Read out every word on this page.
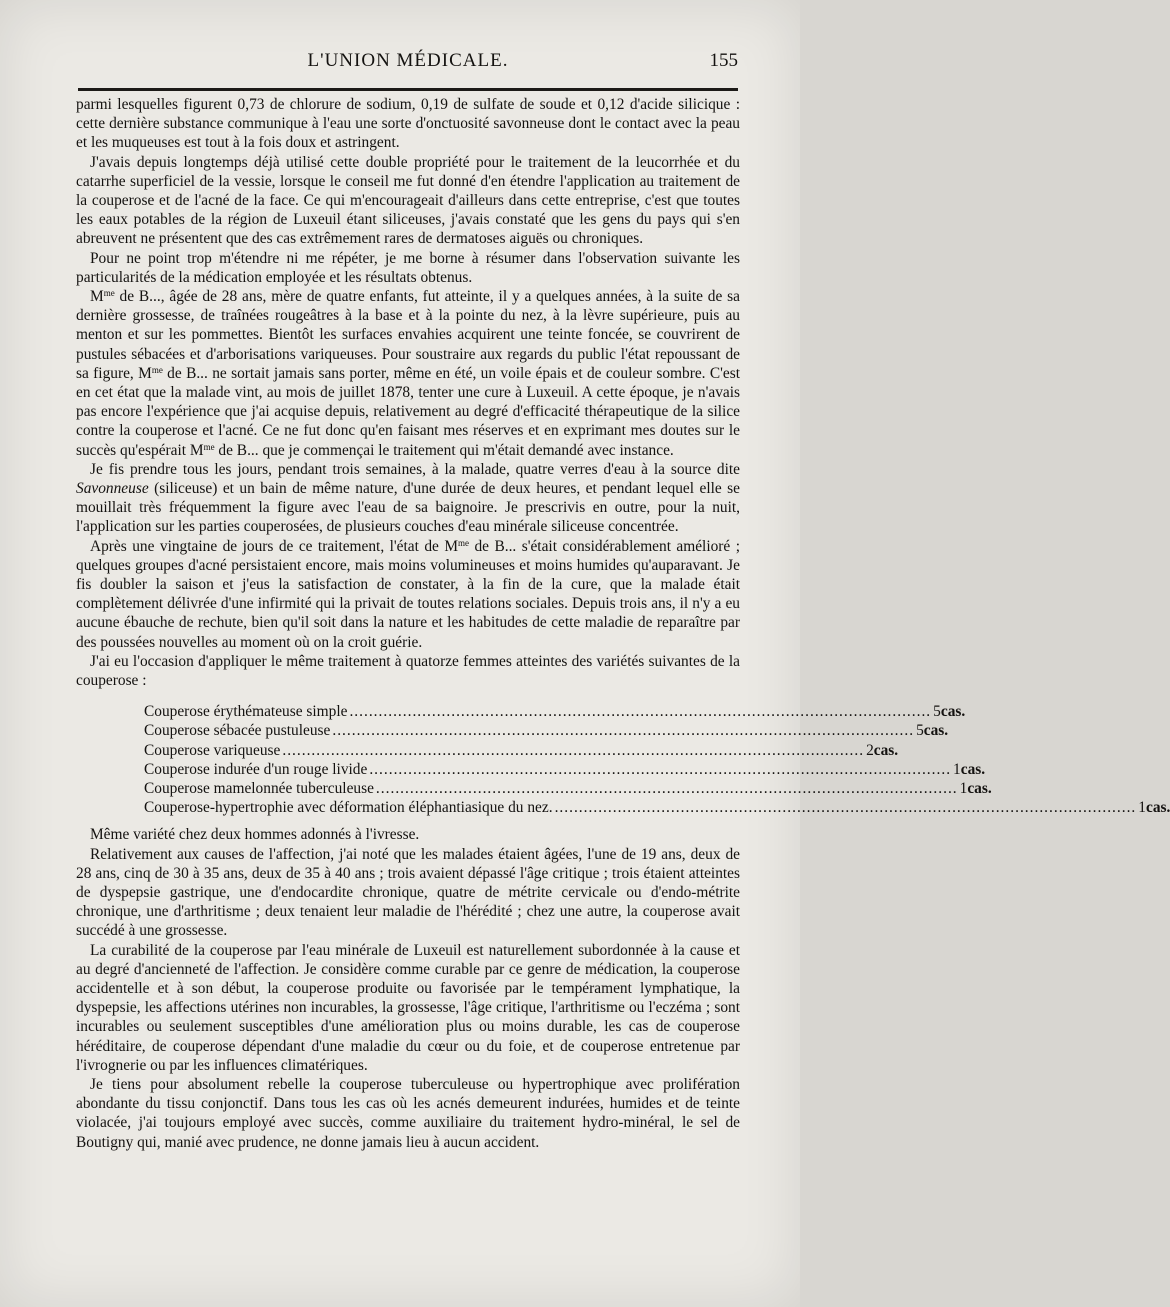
L'UNION MÉDICALE.	155

parmi lesquelles figurent 0,73 de chlorure de sodium, 0,19 de sulfate de soude et 0,12 d'acide silicique : cette dernière substance communique à l'eau une sorte d'onctuosité savonneuse dont le contact avec la peau et les muqueuses est tout à la fois doux et astringent.

J'avais depuis longtemps déjà utilisé cette double propriété pour le traitement de la leucorrhée et du catarrhe superficiel de la vessie, lorsque le conseil me fut donné d'en étendre l'application au traitement de la couperose et de l'acné de la face. Ce qui m'encourageait d'ailleurs dans cette entreprise, c'est que toutes les eaux potables de la région de Luxeuil étant siliceuses, j'avais constaté que les gens du pays qui s'en abreuvent ne présentent que des cas extrêmement rares de dermatoses aiguës ou chroniques.

Pour ne point trop m'étendre ni me répéter, je me borne à résumer dans l'observation suivante les particularités de la médication employée et les résultats obtenus.

$M^{me}$ de B..., âgée de 28 ans, mère de quatre enfants, fut atteinte, il y a quelques années, à la suite de sa dernière grossesse, de traînées rougeâtres à la base et à la pointe du nez, à la lèvre supérieure, puis au menton et sur les pommettes. Bientôt les surfaces envahies acquirent une teinte foncée, se couvrirent de pustules sébacées et d'arborisations variqueuses. Pour soustraire aux regards du public l'état repoussant de sa figure, $M^{me}$ de B... ne sortait jamais sans porter, même en été, un voile épais et de couleur sombre. C'est en cet état que la malade vint, au mois de juillet 1878, tenter une cure à Luxeuil. A cette époque, je n'avais pas encore l'expérience que j'ai acquise depuis, relativement au degré d'efficacité thérapeutique de la silice contre la couperose et l'acné. Ce ne fut donc qu'en faisant mes réserves et en exprimant mes doutes sur le succès qu'espérait $M^{me}$ de B... que je commençai le traitement qui m'était demandé avec instance.

Je fis prendre tous les jours, pendant trois semaines, à la malade, quatre verres d'eau à la source dite Savonneuse (siliceuse) et un bain de même nature, d'une durée de deux heures, et pendant lequel elle se mouillait très fréquemment la figure avec l'eau de sa baignoire. Je prescrivis en outre, pour la nuit, l'application sur les parties couperosées, de plusieurs couches d'eau minérale siliceuse concentrée.

Après une vingtaine de jours de ce traitement, l'état de $M^{me}$ de B... s'était considérablement amélioré ; quelques groupes d'acné persistaient encore, mais moins volumineuses et moins humides qu'auparavant. Je fis doubler la saison et j'eus la satisfaction de constater, à la fin de la cure, que la malade était complètement délivrée d'une infirmité qui la privait de toutes relations sociales. Depuis trois ans, il n'y a eu aucune ébauche de rechute, bien qu'il soit dans la nature et les habitudes de cette maladie de reparaître par des poussées nouvelles au moment où on la croit guérie.

J'ai eu l'occasion d'appliquer le même traitement à quatorze femmes atteintes des variétés suivantes de la couperose :

Couperose érythémateuse simple ........................................................................................................................ 5 cas.
Couperose sébacée pustuleuse ........................................................................................................................ 5 cas.
Couperose variqueuse ........................................................................................................................ 2 cas.
Couperose indurée d'un rouge livide ........................................................................................................................ 1 cas.
Couperose mamelonnée tuberculeuse ........................................................................................................................ 1 cas.
Couperose-hypertrophie avec déformation éléphantiasique du nez. ........................................................................................................................ 1 cas.

Même variété chez deux hommes adonnés à l'ivresse.

Relativement aux causes de l'affection, j'ai noté que les malades étaient âgées, l'une de 19 ans, deux de 28 ans, cinq de 30 à 35 ans, deux de 35 à 40 ans ; trois avaient dépassé l'âge critique ; trois étaient atteintes de dyspepsie gastrique, une d'endocardite chronique, quatre de métrite cervicale ou d'endo-métrite chronique, une d'arthritisme ; deux tenaient leur maladie de l'hérédité ; chez une autre, la couperose avait succédé à une grossesse.

La curabilité de la couperose par l'eau minérale de Luxeuil est naturellement subordonnée à la cause et au degré d'ancienneté de l'affection. Je considère comme curable par ce genre de médication, la couperose accidentelle et à son début, la couperose produite ou favorisée par le tempérament lymphatique, la dyspepsie, les affections utérines non incurables, la grossesse, l'âge critique, l'arthritisme ou l'eczéma ; sont incurables ou seulement susceptibles d'une amélioration plus ou moins durable, les cas de couperose héréditaire, de couperose dépendant d'une maladie du cœur ou du foie, et de couperose entretenue par l'ivrognerie ou par les influences climatériques.

Je tiens pour absolument rebelle la couperose tuberculeuse ou hypertrophique avec prolifération abondante du tissu conjonctif. Dans tous les cas où les acnés demeurent indurées, humides et de teinte violacée, j'ai toujours employé avec succès, comme auxiliaire du traitement hydro-minéral, le sel de Boutigny qui, manié avec prudence, ne donne jamais lieu à aucun accident.
